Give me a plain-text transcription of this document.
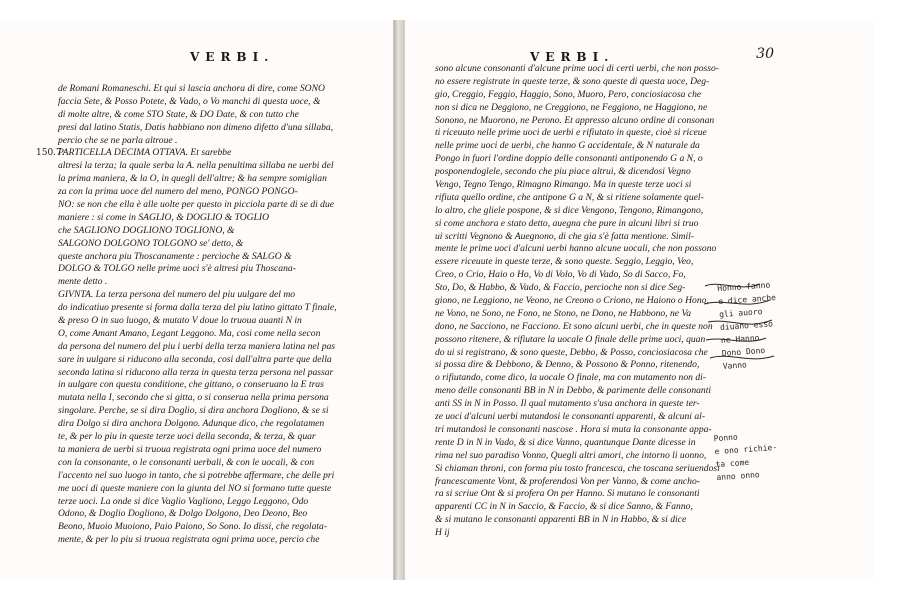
VERBI.
150.7.
de Romani Romaneschi. Et qui si lascia anchora di dire, come SONO
facciа Sete, & Posso Potete, & Vado, o Vo manchi di questa uoce, &
di molte altre, & come STO State, & DO Date, & con tutto che
presi dal latino Statis, Datis habbiano non dimeno difetto d'una sillaba,
percio che se ne parla altroue .
PARTICELLA DECIMA OTTAVA. Et sarebbe
altresi la terza; la quale serba la A. nella penultima sillaba ne uerbi del
la prima maniera, & la O, in quegli dell'altre; & ha sempre somiglian
za con la prima uoce del numero del meno, PONGO PONGO-
NO: se non che ella è alle uolte per questo in picciola parte di se di due
maniere : si come in SAGLIO, & DOGLIO & TOGLIO
che SAGLIONO DOGLIONO TOGLIONO, &
SALGONO DOLGONO TOLGONO se' detto, &
queste anchora piu Thoscanamente : percioche & SALGO &
DOLGO & TOLGO nelle prime uoci s'è altresi piu Thoscana-
mente detto .
GIVNTA. La terza persona del numero del piu uulgare del mo
do indicatiuo presente si forma dalla terza del piu latino gittato T finale,
& preso O in suo luogo, & mutato V doue lo truoua auanti N in
O, come Amant Amano, Legant Leggono. Ma, cosi come nella secon
da persona del numero del piu i uerbi della terza maniera latina nel pas
sare in uulgare si riducono alla seconda, cosi dall'altra parte que della
seconda latina si riducono alla terza in questa terza persona nel passar
in uulgare con questa conditione, che gittano, o conseruano la E tras
mutata nella I, secondo che si gitta, o si conserua nella prima persona
singolare. Perche, se si dira Doglio, si dira anchora Dogliono, & se si
dira Dolgo si dira anchora Dolgono. Adunque dico, che regolatamen
te, & per lo piu in queste terze uoci della seconda, & terza, & quar
ta maniera de uerbi si truoua registrata ogni prima uoce del numero
con la consonante, o le consonanti uerbali, & con le uocali, & con
l'accento nel suo luogo in tanto, che si potrebbe affermare, che delle pri
me uoci di queste maniere con la giunta del NO si formano tutte queste
terze uoci. La onde si dice Vaglio Vagliono, Leggo Leggono, Odo
Odono, & Doglio Dogliono, & Dolgo Dolgono, Deo Deono, Beo
Beono, Muoio Muoiono, Paio Paiono, So Sono. Io dissi, che regolata-
mente, & per lo piu si truoua registrata ogni prima uoce, percio che
VERBI.	30
sono alcune consonanti d'alcune prime uoci di certi uerbi, che non posso-
no essere registrate in queste terze, & sono queste di questa uoce, Deg-
gio, Creggio, Feggio, Haggio, Sono, Muoro, Pero, conciosiacosa che
non si dica ne Deggiono, ne Creggiono, ne Feggiono, ne Haggiono, ne
Sonono, ne Muorono, ne Perono. Et appresso alcuno ordine di consonan
ti riceuuto nelle prime uoci de uerbi e rifiutato in queste, cioè si riceue
nelle prime uoci de uerbi, che hanno G accidentale, & N naturale da
Pongo in fuori l'ordine doppio delle consonanti antiponendo G a N, o
posponendoglele, secondo che piu piace altrui, & dicendosi Vegno
Vengo, Tegno Tengo, Rimagno Rimango. Ma in queste terze uoci si
rifiuta quello ordine, che antipone G a N, & si ritiene solamente quel-
lo altro, che gliele pospone, & si dice Vengono, Tengono, Rimangono,
si come anchora e stato detto, auegna che pure in alcuni libri si truo
ui scritti Vegnono & Auegnono, di che gia s'è fatta mentione. Simil-
mente le prime uoci d'alcuni uerbi hanno alcune uocali, che non possono
essere riceuute in queste terze, & sono queste. Seggio, Leggio, Veo,
Creo, o Crio, Haio o Ho, Vo di Volo, Vo di Vado, So di Sacco, Fo,
Sto, Do, & Habbo, & Vado, & Faccio, percioche non si dice Seg-
giono, ne Leggiono, ne Veono, ne Creono o Criono, ne Haiono o Hono,
ne Vono, ne Sono, ne Fono, ne Stono, ne Dono, ne Habbono, ne Va
dono, ne Sacciono, ne Facciono. Et sono alcuni uerbi, che in queste non
possono ritenere, & rifiutare la uocale O finale delle prime uoci, quan
do ui si registrano, & sono queste, Debbo, & Posso, conciosiacosa che
si possa dire & Debbono, & Denno, & Possono & Ponno, ritenendo,
o rifiutando, come dico, la uocale O finale, ma con mutamento non di-
meno delle consonanti BB in N in Debbo, & parimente delle consonanti
anti SS in N in Posso. Il qual mutamento s'usa anchora in queste ter-
ze uoci d'alcuni uerbi mutandosi le consonanti apparenti, & alcuni al-
tri mutandosi le consonanti nascose . Hora si muta la consonante appa-
rente D in N in Vado, & si dice Vanno, quantunque Dante dicesse in
rima nel suo paradiso Vonno, Quegli altri amori, che intorno li uonno,
Si chiaman throni, con forma piu tosto francesca, che toscana seriuendosi
francescamente Vont, & proferendosi Von per Vanno, & come ancho-
ra si scriue Ont & si profera On per Hanno. Si mutano le consonanti
apparenti CC in N in Saccio, & Faccio, & si dice Sanno, & Fanno,
& si mutano le consonanti apparenti BB in N in Habbo, & si dice
H ij
Honno fanno
e dice anche
gli auoro
diuano esso
ne Hanno
Dono Dono
Vanno
Ponno
e ono richie-
ta come
anno onno
